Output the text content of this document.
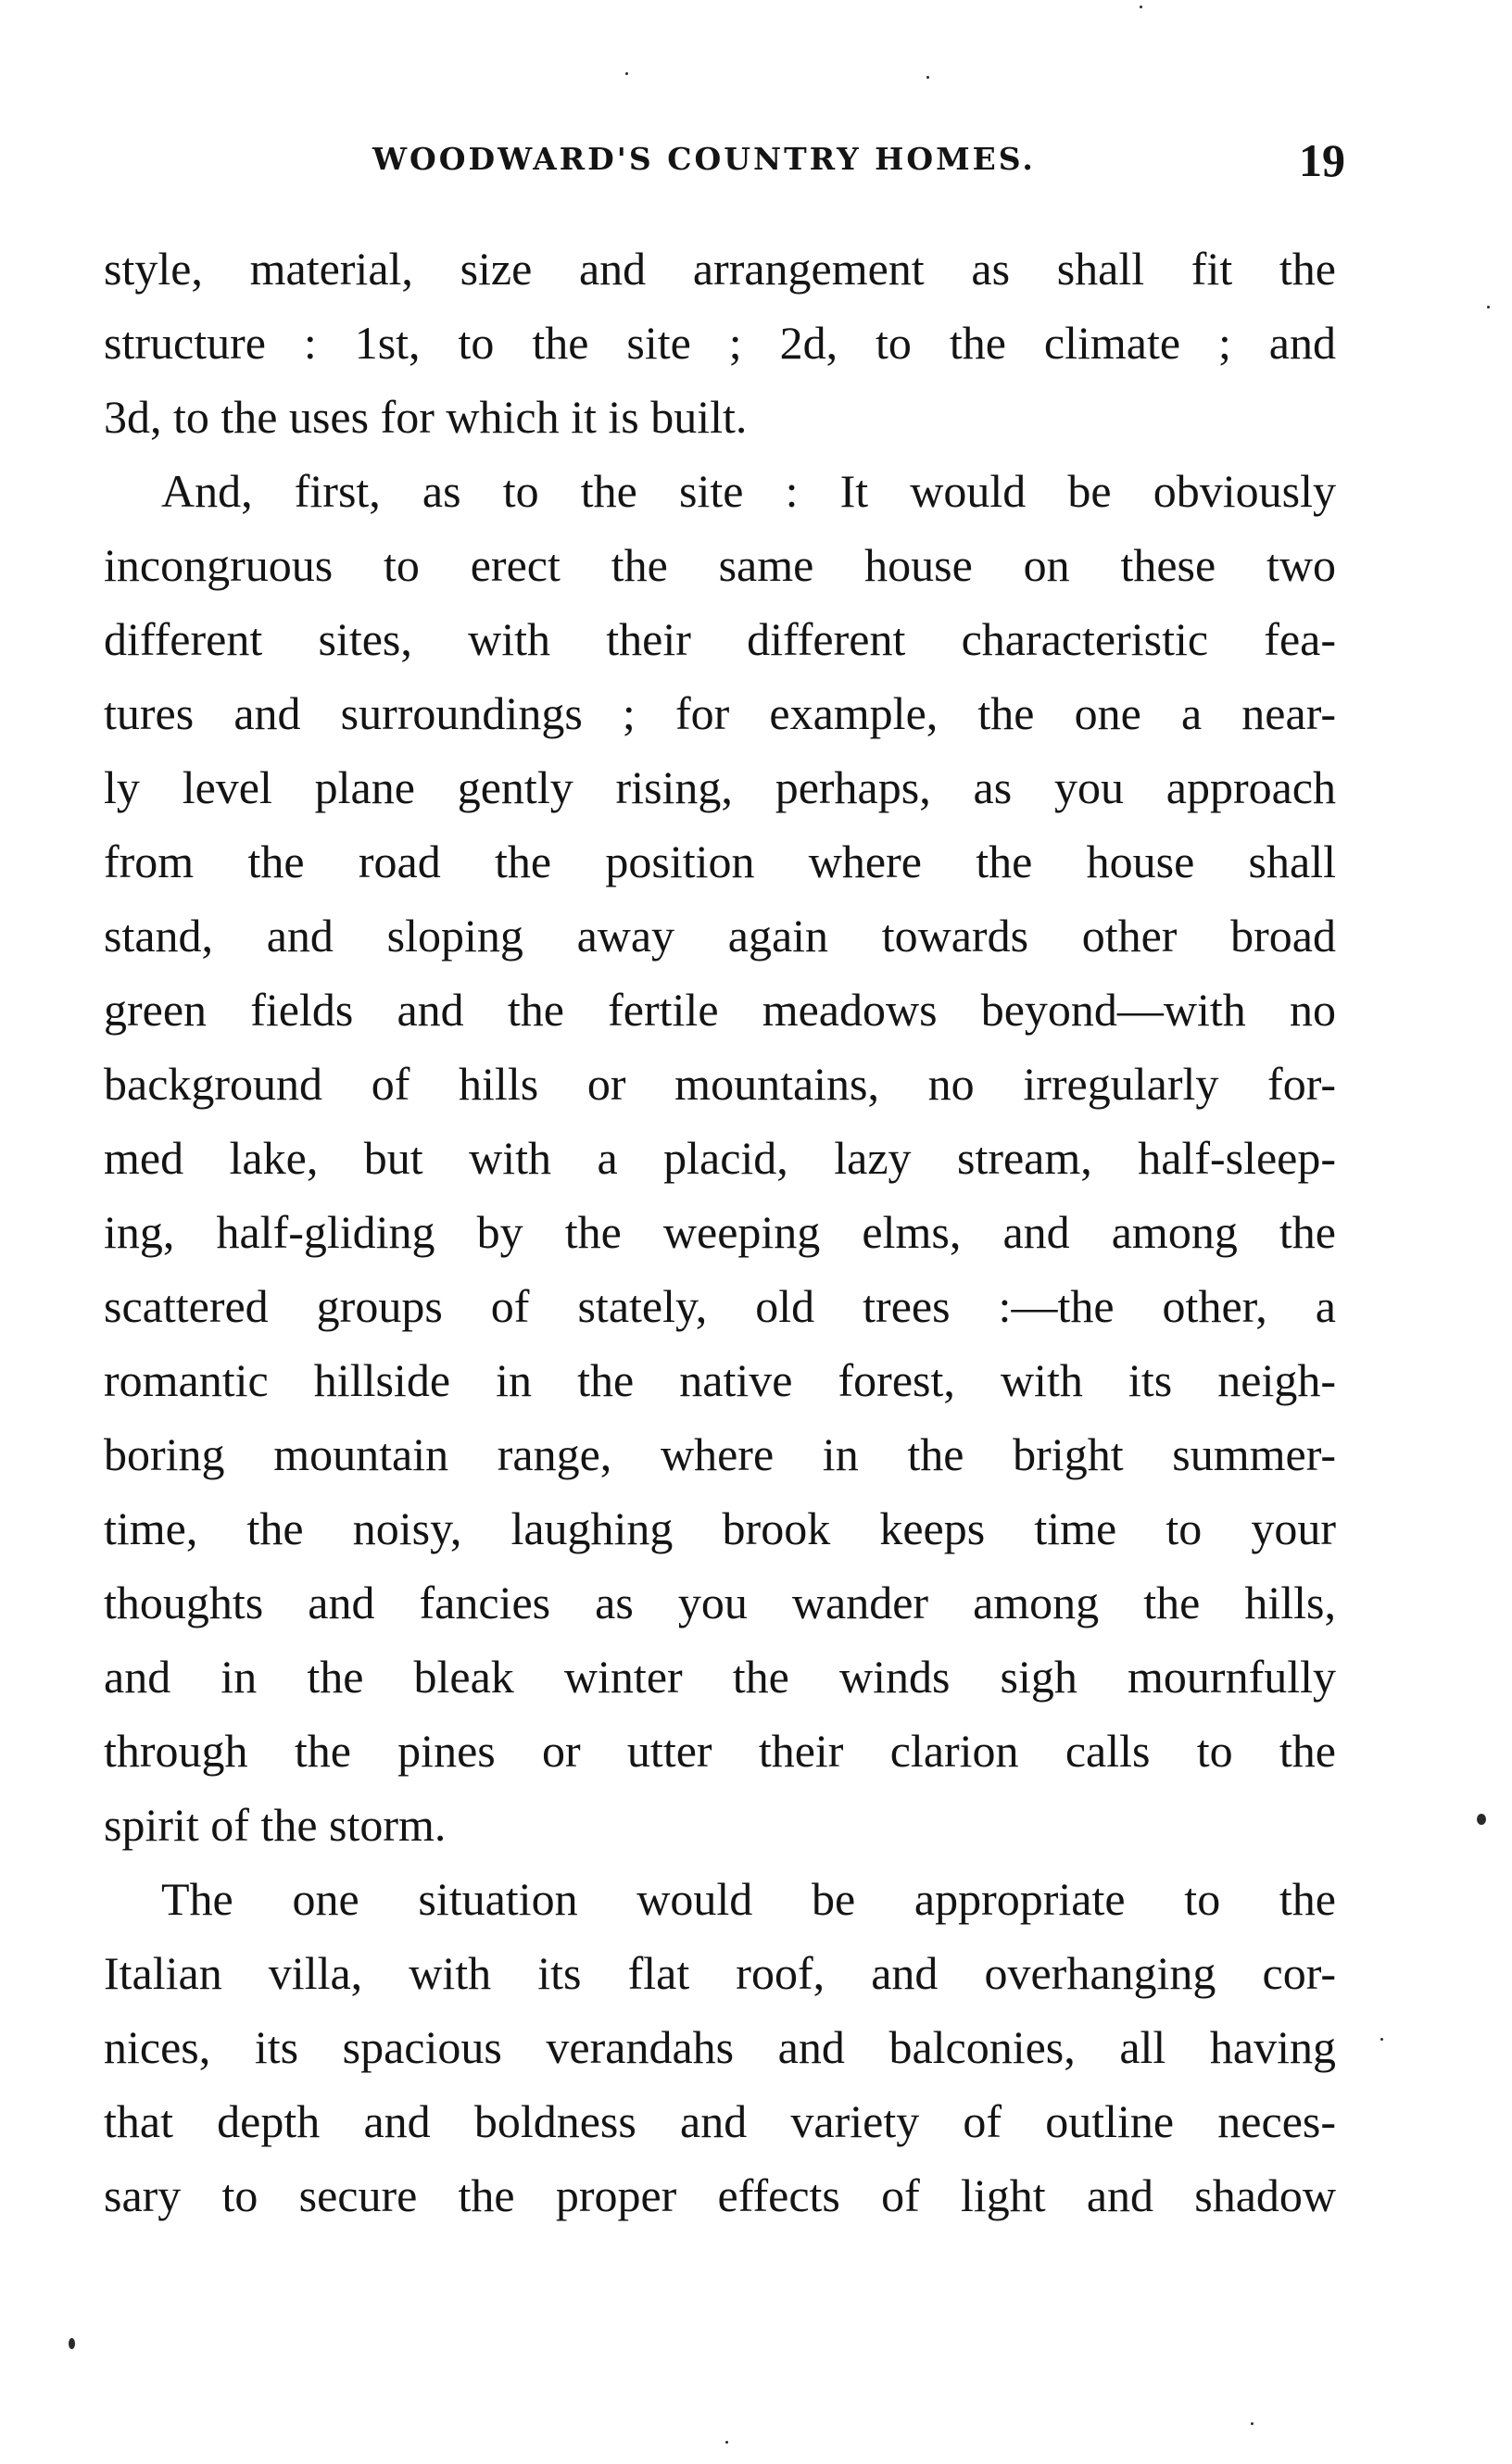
WOODWARD'S COUNTRY HOMES.	19
style, material, size and arrangement as shall fit the
structure : 1st, to the site ; 2d, to the climate ; and
3d, to the uses for which it is built.
And, first, as to the site : It would be obviously
incongruous to erect the same house on these two
different sites, with their different characteristic fea-
tures and surroundings ; for example, the one a near-
ly level plane gently rising, perhaps, as you approach
from the road the position where the house shall
stand, and sloping away again towards other broad
green fields and the fertile meadows beyond—with no
background of hills or mountains, no irregularly for-
med lake, but with a placid, lazy stream, half-sleep-
ing, half-gliding by the weeping elms, and among the
scattered groups of stately, old trees :—the other, a
romantic hillside in the native forest, with its neigh-
boring mountain range, where in the bright summer-
time, the noisy, laughing brook keeps time to your
thoughts and fancies as you wander among the hills,
and in the bleak winter the winds sigh mournfully
through the pines or utter their clarion calls to the
spirit of the storm.
The one situation would be appropriate to the
Italian villa, with its flat roof, and overhanging cor-
nices, its spacious verandahs and balconies, all having
that depth and boldness and variety of outline neces-
sary to secure the proper effects of light and shadow
